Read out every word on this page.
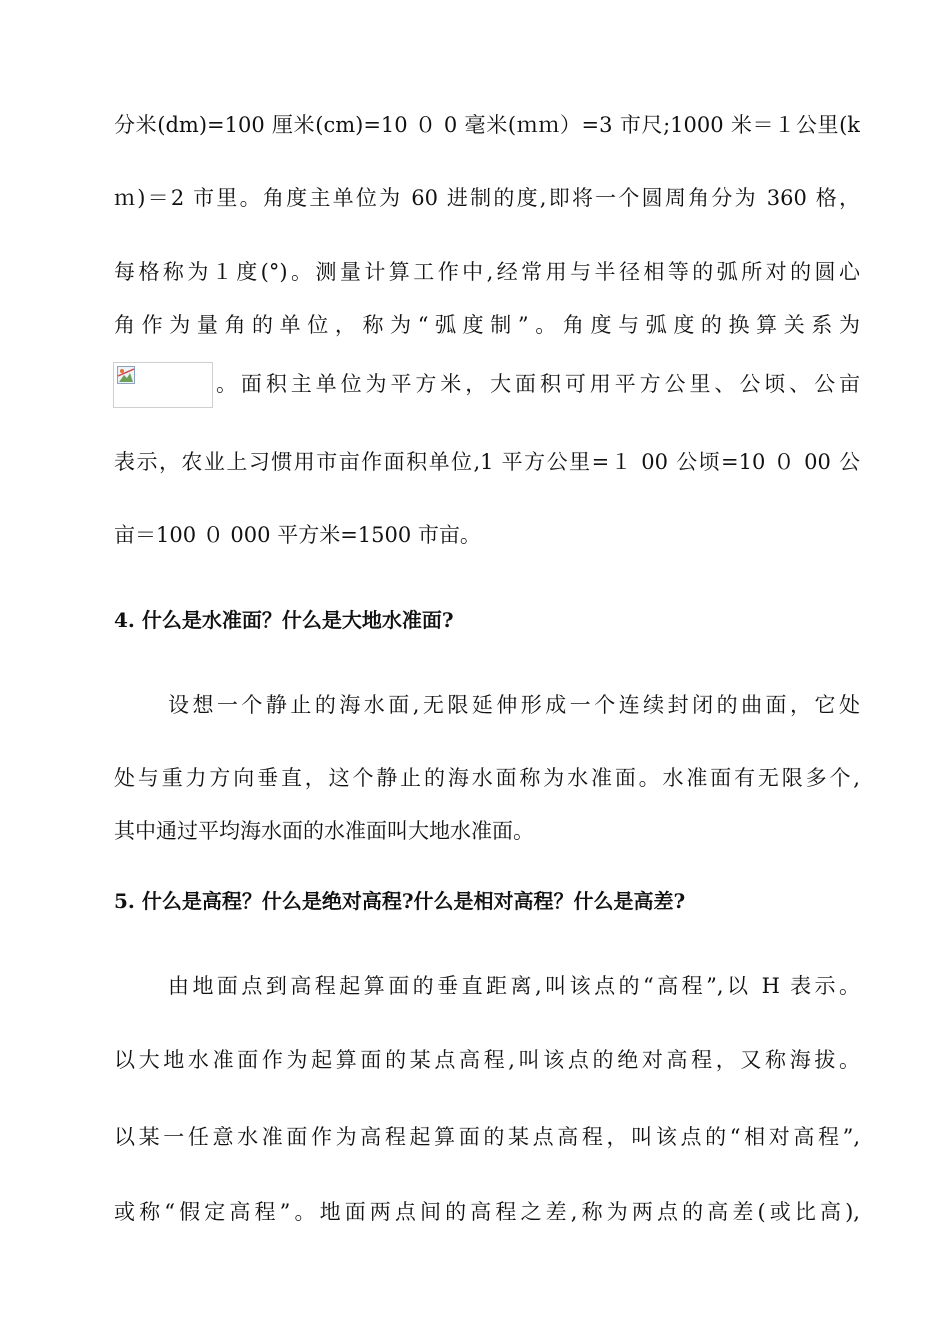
分米(dm)=100 厘米(cm)=10 ０ 0 毫米(ｍｍ）=3 市尺;1000 米＝１公里(k
ｍ)＝2 市里。角度主单位为 60 进制的度,即将一个圆周角分为 360 格，
每格称为１度(°)。测量计算工作中,经常用与半径相等的弧所对的圆心
角作为量角的单位，称为“弧度制”。角度与弧度的换算关系为
。面积主单位为平方米，大面积可用平方公里、公顷、公亩
表示，农业上习惯用市亩作面积单位,1 平方公里=１ 00 公顷=10 ０ 00 公
亩＝100 ０ 000 平方米=1500 市亩。
4. 什么是水准面？什么是大地水准面?
设想一个静止的海水面,无限延伸形成一个连续封闭的曲面，它处
处与重力方向垂直，这个静止的海水面称为水准面。水准面有无限多个,
其中通过平均海水面的水准面叫大地水准面。
5. 什么是高程？什么是绝对高程?什么是相对高程？什么是高差?
由地面点到高程起算面的垂直距离,叫该点的“高程”,以 H 表示。
以大地水准面作为起算面的某点高程,叫该点的绝对高程，又称海拔。
以某一任意水准面作为高程起算面的某点高程，叫该点的“相对高程”,
或称“假定高程”。地面两点间的高程之差,称为两点的高差(或比高),
